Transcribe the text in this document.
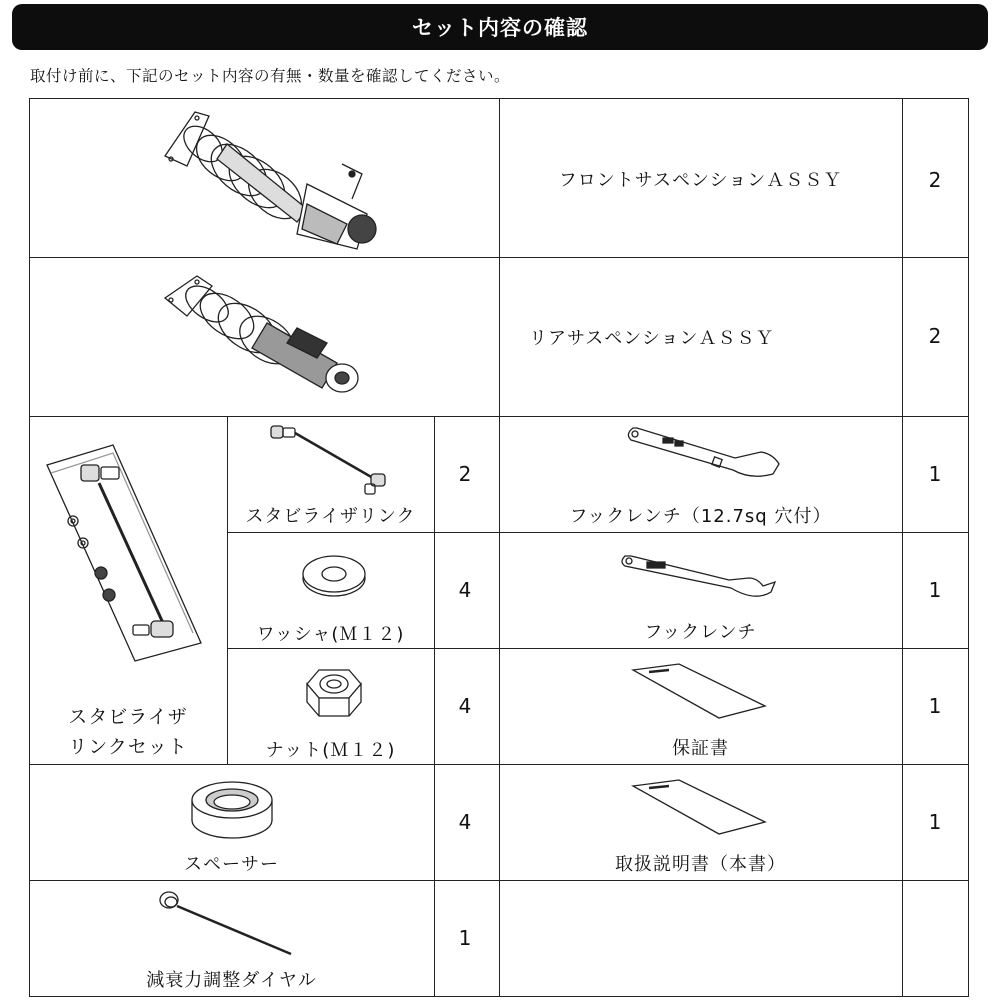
セット内容の確認
取付け前に、下記のセット内容の有無・数量を確認してください。
フロントサスペンションＡＳＳＹ	2
リアサスペンションＡＳＳＹ	2
スタビライザ
リンクセット
スタビライザリンク
2
ワッシャ(Ｍ１２)
4
ナット(Ｍ１２)
4
スペーサー
4
減衰力調整ダイヤル
1
フックレンチ（12.7sq 穴付）
1
フックレンチ
1
保証書
1
取扱説明書（本書）
1
